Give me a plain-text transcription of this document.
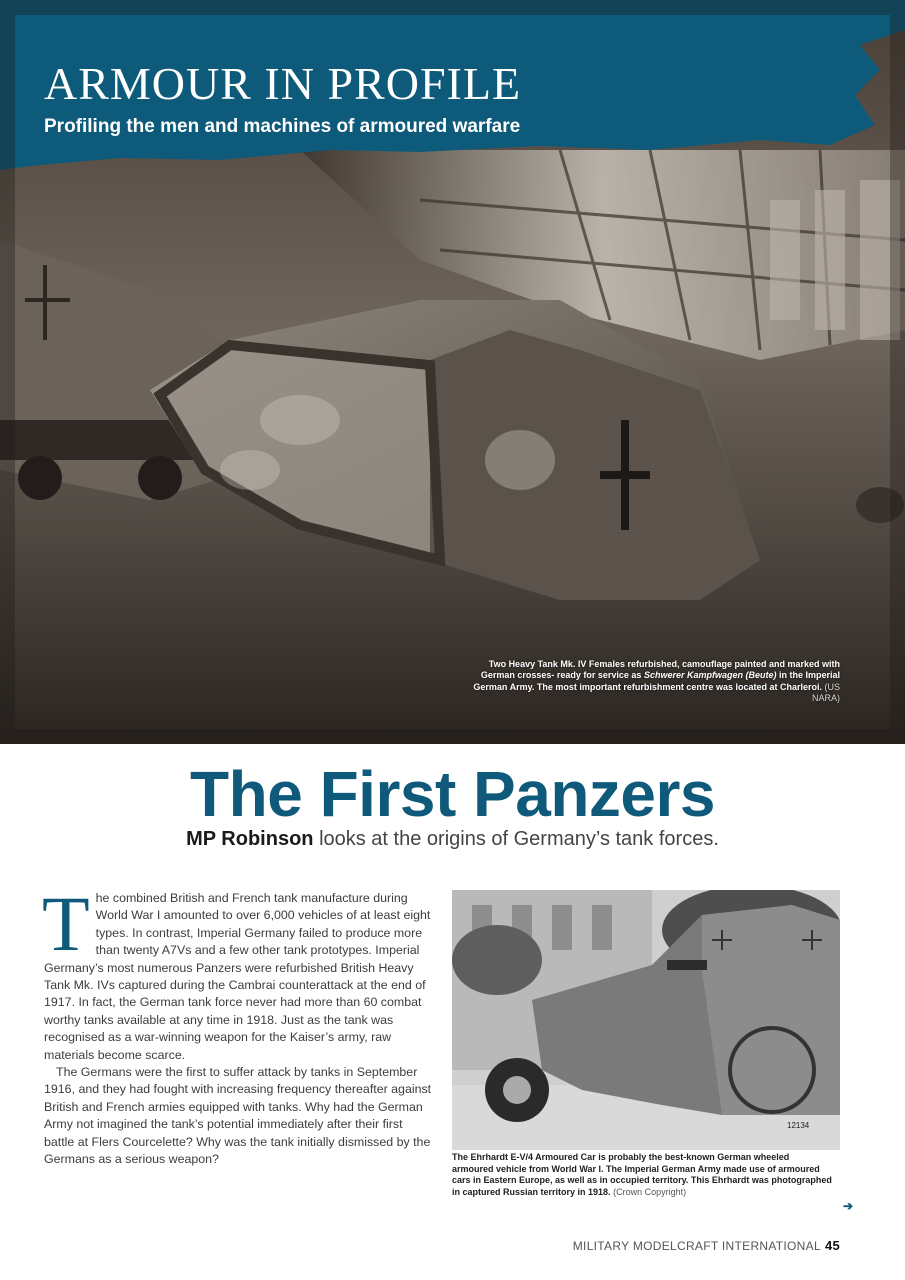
ARMOUR IN PROFILE
Profiling the men and machines of armoured warfare
Two Heavy Tank Mk. IV Females refurbished, camouflage painted and marked with German crosses- ready for service as Schwerer Kampfwagen (Beute) in the Imperial German Army. The most important refurbishment centre was located at Charleroi. (US NARA)
The First Panzers
MP Robinson looks at the origins of Germany’s tank forces.

The combined British and French tank manufacture during World War I amounted to over 6,000 vehicles of at least eight types. In contrast, Imperial Germany failed to produce more than twenty A7Vs and a few other tank prototypes. Imperial Germany’s most numerous Panzers were refurbished British Heavy Tank Mk. IVs captured during the Cambrai counterattack at the end of 1917. In fact, the German tank force never had more than 60 combat worthy tanks available at any time in 1918. Just as the tank was recognised as a war-winning weapon for the Kaiser’s army, raw materials become scarce.

The Germans were the first to suffer attack by tanks in September 1916, and they had fought with increasing frequency thereafter against British and French armies equipped with tanks. Why had the German Army not imagined the tank’s potential immediately after their first battle at Flers Courcelette? Why was the tank initially dismissed by the Germans as a serious weapon?

12134
The Ehrhardt E-V/4 Armoured Car is probably the best-known German wheeled armoured vehicle from World War I. The Imperial German Army made use of armoured cars in Eastern Europe, as well as in occupied territory. This Ehrhardt was photographed in captured Russian territory in 1918. (Crown Copyright)
➔
MILITARY MODELCRAFT INTERNATIONAL 45
